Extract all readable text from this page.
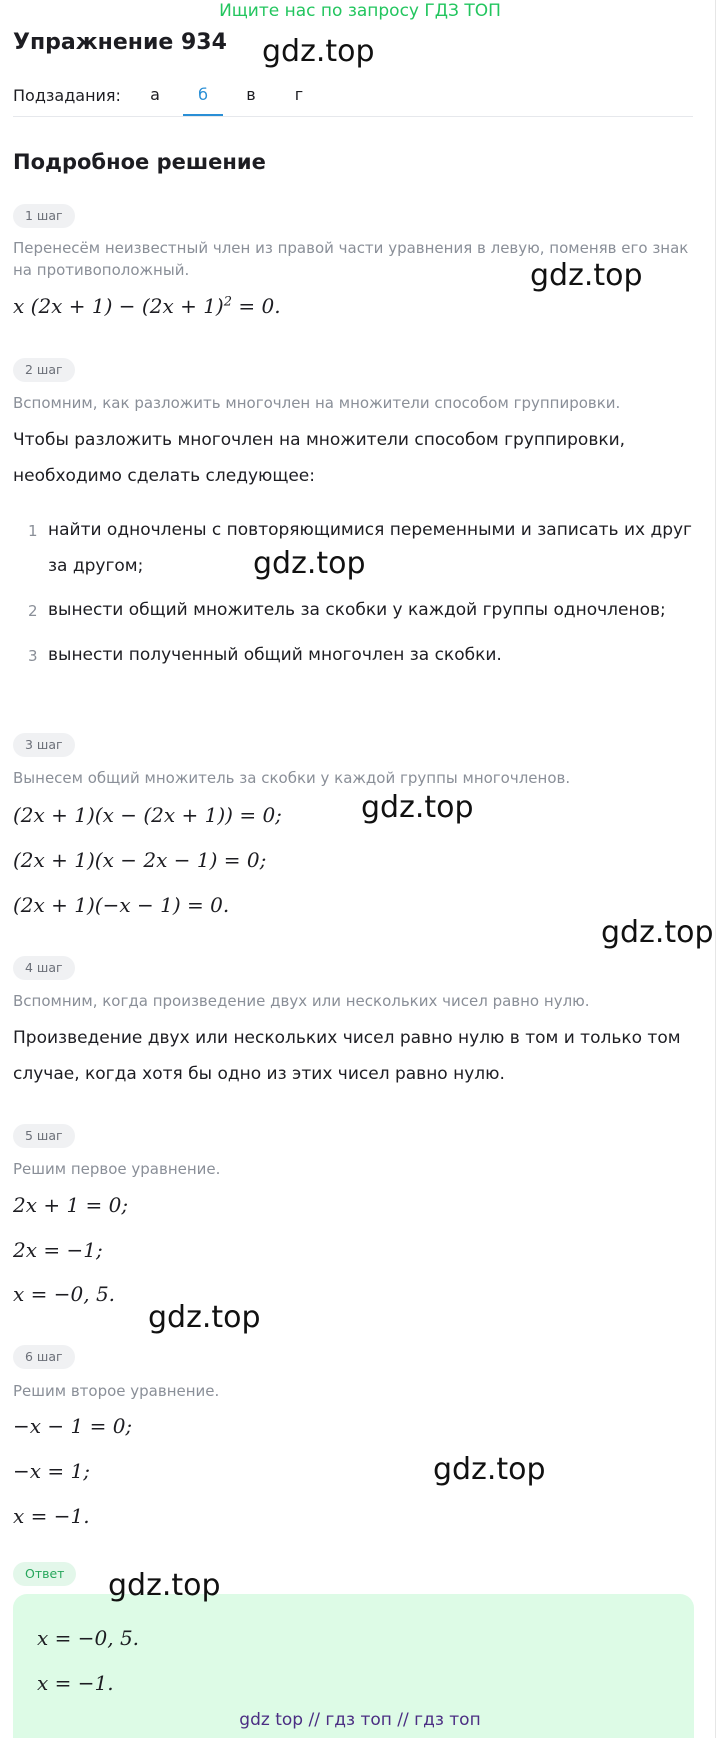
Ищите нас по запросу ГДЗ ТОП
Упражнение 934
Подзадания:	а	б	в	г
Подробное решение
1 шаг
Перенесём неизвестный член из правой части уравнения в левую, поменяв его знак на противоположный.
x $(2x + 1) - (2x + 1)^2 = 0$.
2 шаг
Вспомним, как разложить многочлен на множители способом группировки.
Чтобы разложить многочлен на множители способом группировки, необходимо сделать следующее:
1 найти одночлены с повторяющимися переменными и записать их друг за другом;
2 вынести общий множитель за скобки у каждой группы одночленов;
3 вынести полученный общий многочлен за скобки.
3 шаг
Вынесем общий множитель за скобки у каждой группы многочленов.
(2x + 1)(x − (2x + 1)) = 0;
(2x + 1)(x − 2x − 1) = 0;
(2x + 1)(−x − 1) = 0.
4 шаг
Вспомним, когда произведение двух или нескольких чисел равно нулю.
Произведение двух или нескольких чисел равно нулю в том и только том случае, когда хотя бы одно из этих чисел равно нулю.
5 шаг
Решим первое уравнение.
2x + 1 = 0;
2x = −1;
x = −0, 5.
6 шаг
Решим второе уравнение.
−x − 1 = 0;
−x = 1;
x = −1.
Ответ
x = −0, 5.
x = −1.
gdz.top
gdz.top
gdz.top
gdz.top
gdz.top
gdz.top
gdz.top
gdz.top
gdz top // гдз топ // гдз топ
